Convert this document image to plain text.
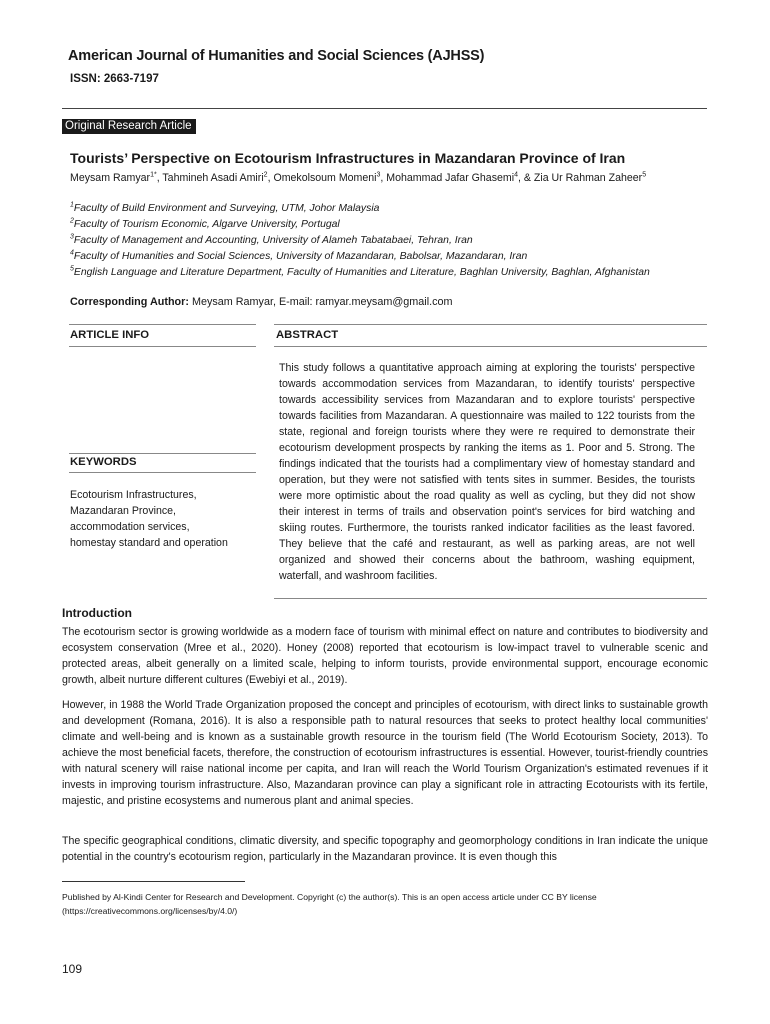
American Journal of Humanities and Social Sciences (AJHSS)
ISSN: 2663-7197
Original Research Article
Tourists’ Perspective on Ecotourism Infrastructures in Mazandaran Province of Iran
Meysam Ramyar$^{1*}$, Tahmineh Asadi Amiri$^2$, Omekolsoum Momeni$^3$, Mohammad Jafar Ghasemi$^4$, & Zia Ur Rahman Zaheer$^5$
$^1$Faculty of Build Environment and Surveying, UTM, Johor Malaysia
$^2$Faculty of Tourism Economic, Algarve University, Portugal
$^3$Faculty of Management and Accounting, University of Alameh Tabatabaei, Tehran, Iran
$^4$Faculty of Humanities and Social Sciences, University of Mazandaran, Babolsar, Mazandaran, Iran
$^5$English Language and Literature Department, Faculty of Humanities and Literature, Baghlan University, Baghlan, Afghanistan
Corresponding Author: Meysam Ramyar, E-mail: ramyar.meysam@gmail.com
ARTICLE INFO	ABSTRACT
KEYWORDS
Ecotourism Infrastructures,
Mazandaran Province,
accommodation services,
homestay standard and operation
This study follows a quantitative approach aiming at exploring the tourists' perspective towards accommodation services from Mazandaran, to identify tourists' perspective towards accessibility services from Mazandaran and to explore tourists' perspective towards facilities from Mazandaran. A questionnaire was mailed to 122 tourists from the state, regional and foreign tourists where they were re required to demonstrate their ecotourism development prospects by ranking the items as 1. Poor and 5. Strong. The findings indicated that the tourists had a complimentary view of homestay standard and operation, but they were not satisfied with tents sites in summer. Besides, the tourists were more optimistic about the road quality as well as cycling, but they did not show their interest in terms of trails and observation point's services for bird watching and skiing routes. Furthermore, the tourists ranked indicator facilities as the least favored. They believe that the café and restaurant, as well as parking areas, are not well organized and showed their concerns about the bathroom, washing equipment, waterfall, and washroom facilities.
Introduction
The ecotourism sector is growing worldwide as a modern face of tourism with minimal effect on nature and contributes to biodiversity and ecosystem conservation (Mree et al., 2020). Honey (2008) reported that ecotourism is low-impact travel to vulnerable scenic and protected areas, albeit generally on a limited scale, helping to inform tourists, provide environmental support, encourage economic growth, albeit nurture different cultures (Ewebiyi et al., 2019).
However, in 1988 the World Trade Organization proposed the concept and principles of ecotourism, with direct links to sustainable growth and development (Romana, 2016). It is also a responsible path to natural resources that seeks to protect healthy local communities' climate and well-being and is known as a sustainable growth resource in the tourism field (The World Ecotourism Society, 2013). To achieve the most beneficial facets, therefore, the construction of ecotourism infrastructures is essential. However, tourist-friendly countries with natural scenery will raise national income per capita, and Iran will reach the World Tourism Organization's estimated revenues if it invests in improving tourism infrastructure. Also, Mazandaran province can play a significant role in attracting Ecotourists with its fertile, majestic, and pristine ecosystems and numerous plant and animal species.
The specific geographical conditions, climatic diversity, and specific topography and geomorphology conditions in Iran indicate the unique potential in the country's ecotourism region, particularly in the Mazandaran province. It is even though this
Published by Al-Kindi Center for Research and Development. Copyright (c) the author(s). This is an open access article under CC BY license (https://creativecommons.org/licenses/by/4.0/)
109
